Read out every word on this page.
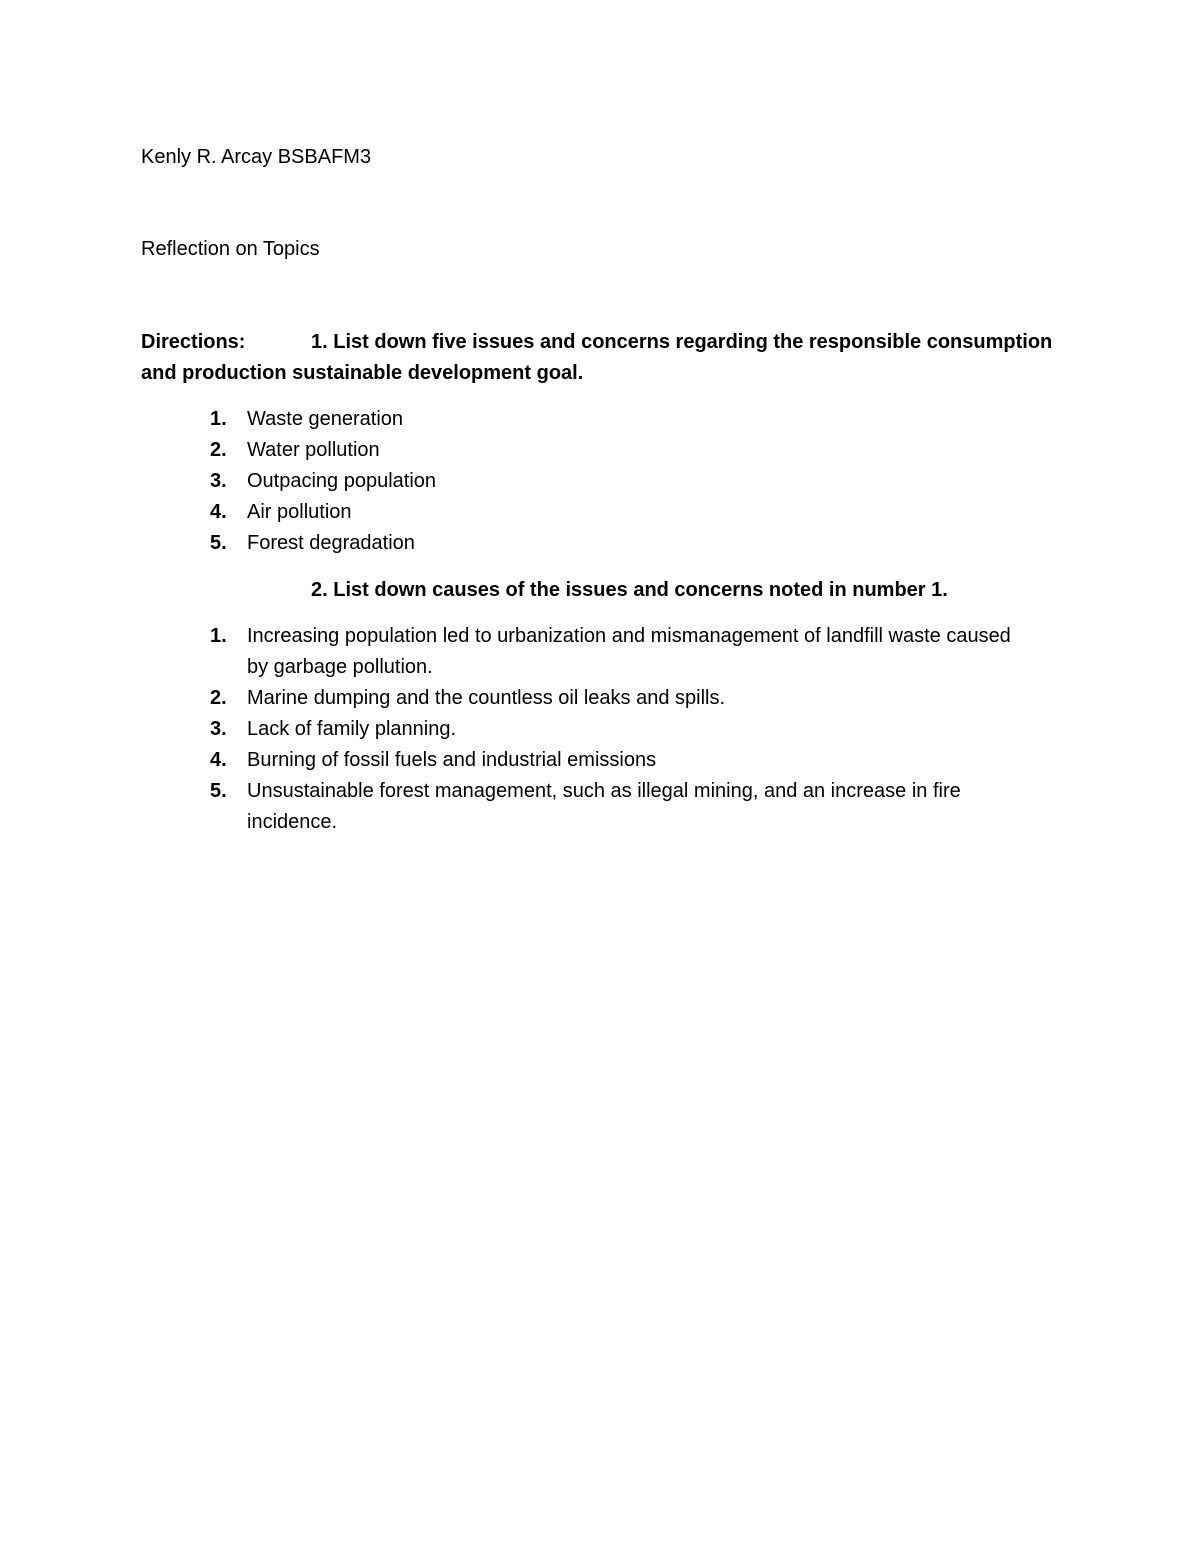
Kenly R. Arcay BSBAFM3
Reflection on Topics
Directions:	1. List down five issues and concerns regarding the responsible consumption and production sustainable development goal.
1. Waste generation
2. Water pollution
3. Outpacing population
4. Air pollution
5. Forest degradation
2. List down causes of the issues and concerns noted in number 1.
1. Increasing population led to urbanization and mismanagement of landfill waste caused by garbage pollution.
2. Marine dumping and the countless oil leaks and spills.
3. Lack of family planning.
4. Burning of fossil fuels and industrial emissions
5. Unsustainable forest management, such as illegal mining, and an increase in fire incidence.
